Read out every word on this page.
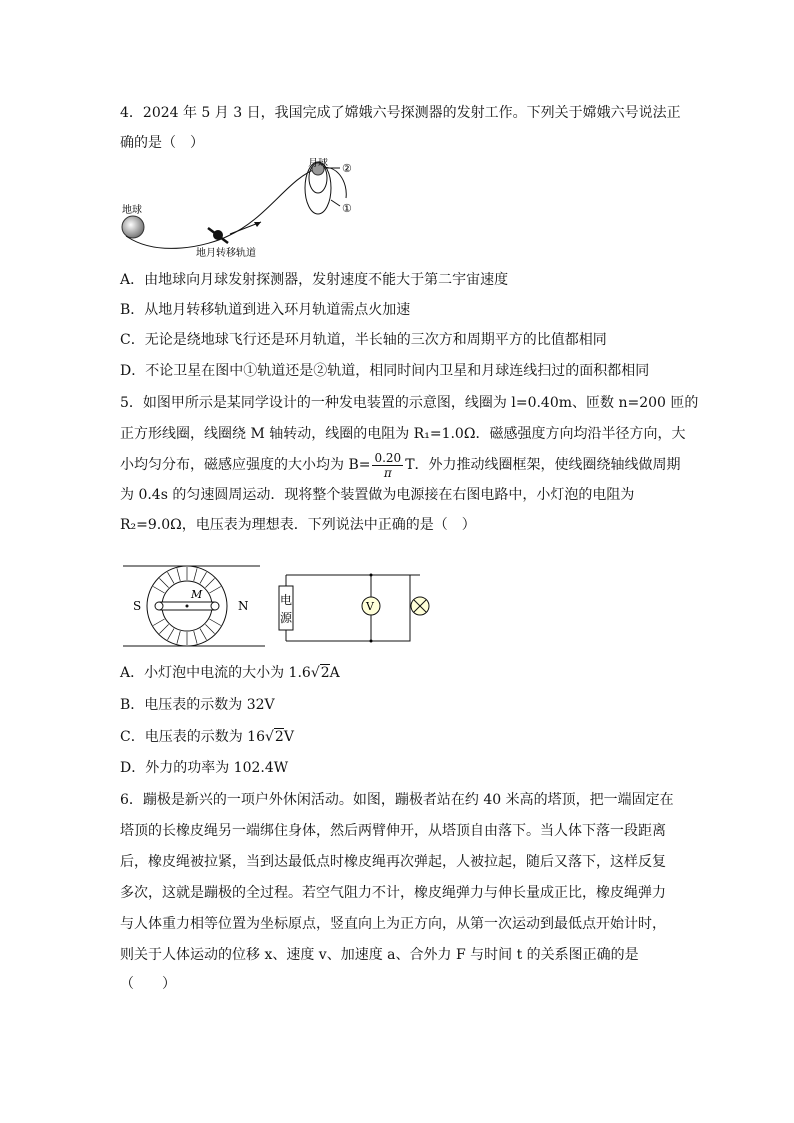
4．2024 年 5 月 3 日，我国完成了嫦娥六号探测器的发射工作。下列关于嫦娥六号说法正
确的是（　）
月球
地球
②
①
地月转移轨道
A．由地球向月球发射探测器，发射速度不能大于第二宇宙速度
B．从地月转移轨道到进入环月轨道需点火加速
C．无论是绕地球飞行还是环月轨道，半长轴的三次方和周期平方的比值都相同
D．不论卫星在图中①轨道还是②轨道，相同时间内卫星和月球连线扫过的面积都相同
5．如图甲所示是某同学设计的一种发电装置的示意图，线圈为 l=0.40m、匝数 n=200 匝的
正方形线圈，线圈绕 M 轴转动，线圈的电阻为 R₁=1.0Ω．磁感强度方向均沿半径方向，大
小均匀分布，磁感应强度的大小均为 $B= \frac{0.20}{\pi}$ T．外力推动线圈框架，使线圈绕轴线做周期
为 0.4s 的匀速圆周运动．现将整个装置做为电源接在右图电路中，小灯泡的电阻为
R₂=9.0Ω，电压表为理想表．下列说法中正确的是（　）
S	N
M	电
源
V
A．小灯泡中电流的大小为 1.6√2A
B．电压表的示数为 32V
C．电压表的示数为 16√2V
D．外力的功率为 102.4W
6．蹦极是新兴的一项户外休闲活动。如图，蹦极者站在约 40 米高的塔顶，把一端固定在
塔顶的长橡皮绳另一端绑住身体，然后两臂伸开，从塔顶自由落下。当人体下落一段距离
后，橡皮绳被拉紧，当到达最低点时橡皮绳再次弹起，人被拉起，随后又落下，这样反复
多次，这就是蹦极的全过程。若空气阻力不计，橡皮绳弹力与伸长量成正比，橡皮绳弹力
与人体重力相等位置为坐标原点，竖直向上为正方向，从第一次运动到最低点开始计时，
则关于人体运动的位移 x、速度 v、加速度 a、合外力 F 与时间 t 的关系图正确的是
（　　）
